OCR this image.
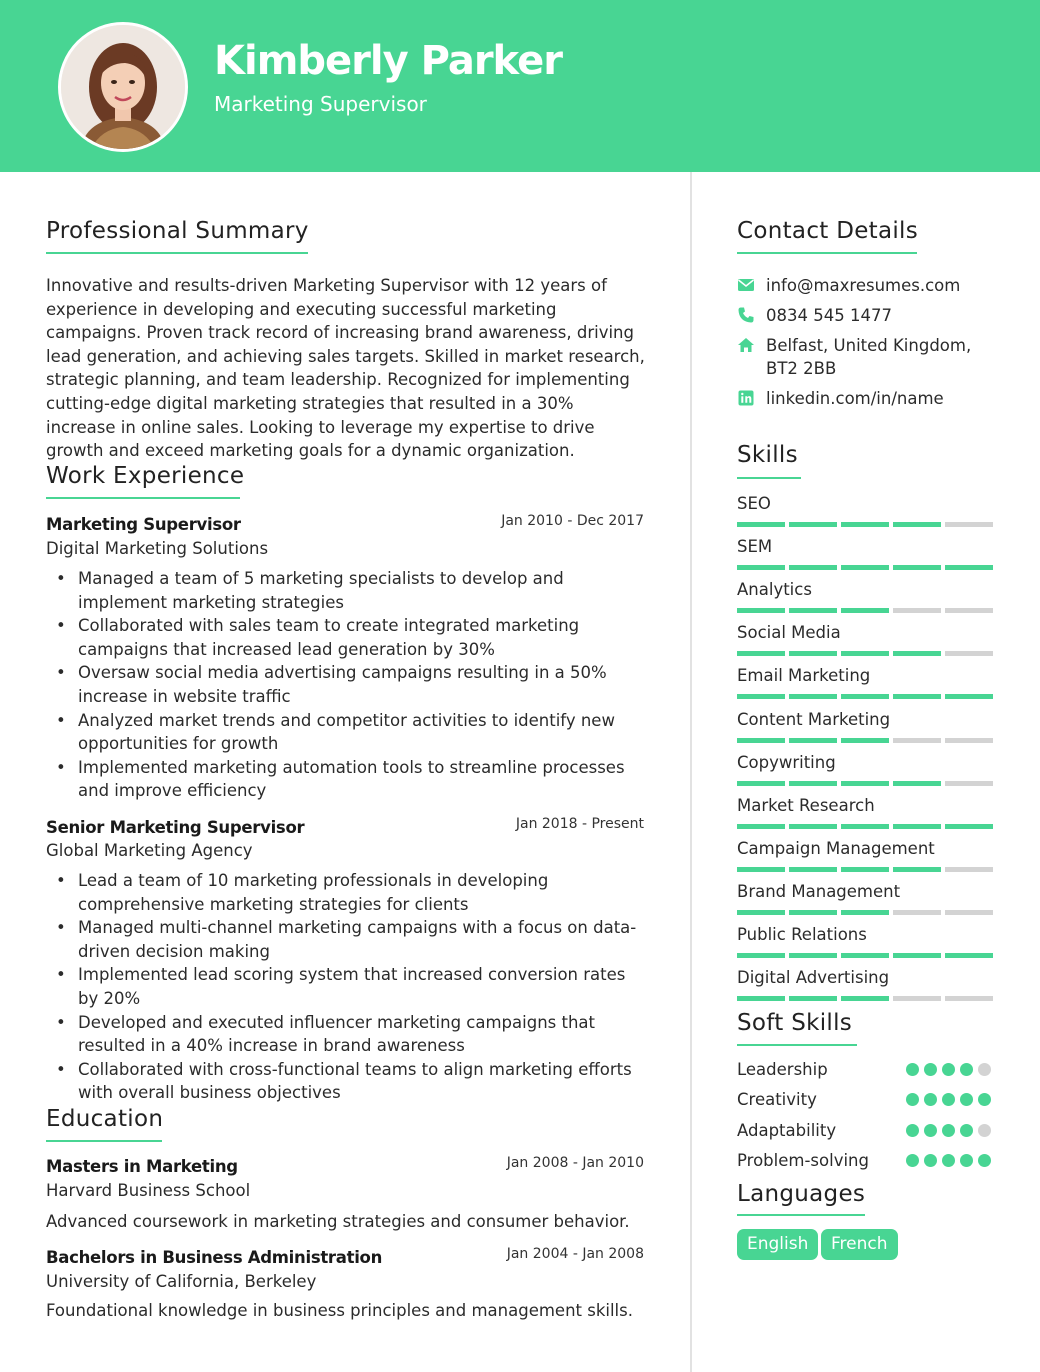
Kimberly Parker
Marketing Supervisor
Professional Summary
Innovative and results-driven Marketing Supervisor with 12 years of experience in developing and executing successful marketing campaigns. Proven track record of increasing brand awareness, driving lead generation, and achieving sales targets. Skilled in market research, strategic planning, and team leadership. Recognized for implementing cutting-edge digital marketing strategies that resulted in a 30% increase in online sales. Looking to leverage my expertise to drive growth and exceed marketing goals for a dynamic organization.
Work Experience
Marketing Supervisor	Jan 2010 - Dec 2017
Digital Marketing Solutions
• Managed a team of 5 marketing specialists to develop and implement marketing strategies
• Collaborated with sales team to create integrated marketing campaigns that increased lead generation by 30%
• Oversaw social media advertising campaigns resulting in a 50% increase in website traffic
• Analyzed market trends and competitor activities to identify new opportunities for growth
• Implemented marketing automation tools to streamline processes and improve efficiency
Senior Marketing Supervisor	Jan 2018 - Present
Global Marketing Agency
• Lead a team of 10 marketing professionals in developing comprehensive marketing strategies for clients
• Managed multi-channel marketing campaigns with a focus on data-driven decision making
• Implemented lead scoring system that increased conversion rates by 20%
• Developed and executed influencer marketing campaigns that resulted in a 40% increase in brand awareness
• Collaborated with cross-functional teams to align marketing efforts with overall business objectives
Education
Masters in Marketing	Jan 2008 - Jan 2010
Harvard Business School
Advanced coursework in marketing strategies and consumer behavior.
Bachelors in Business Administration	Jan 2004 - Jan 2008
University of California, Berkeley
Foundational knowledge in business principles and management skills.
Contact Details
info@maxresumes.com
0834 545 1477
Belfast, United Kingdom,
BT2 2BB
linkedin.com/in/name
Skills
SEO
SEM
Analytics
Social Media
Email Marketing
Content Marketing
Copywriting
Market Research
Campaign Management
Brand Management
Public Relations
Digital Advertising
Soft Skills
Leadership
Creativity
Adaptability
Problem-solving
Languages
English	French
